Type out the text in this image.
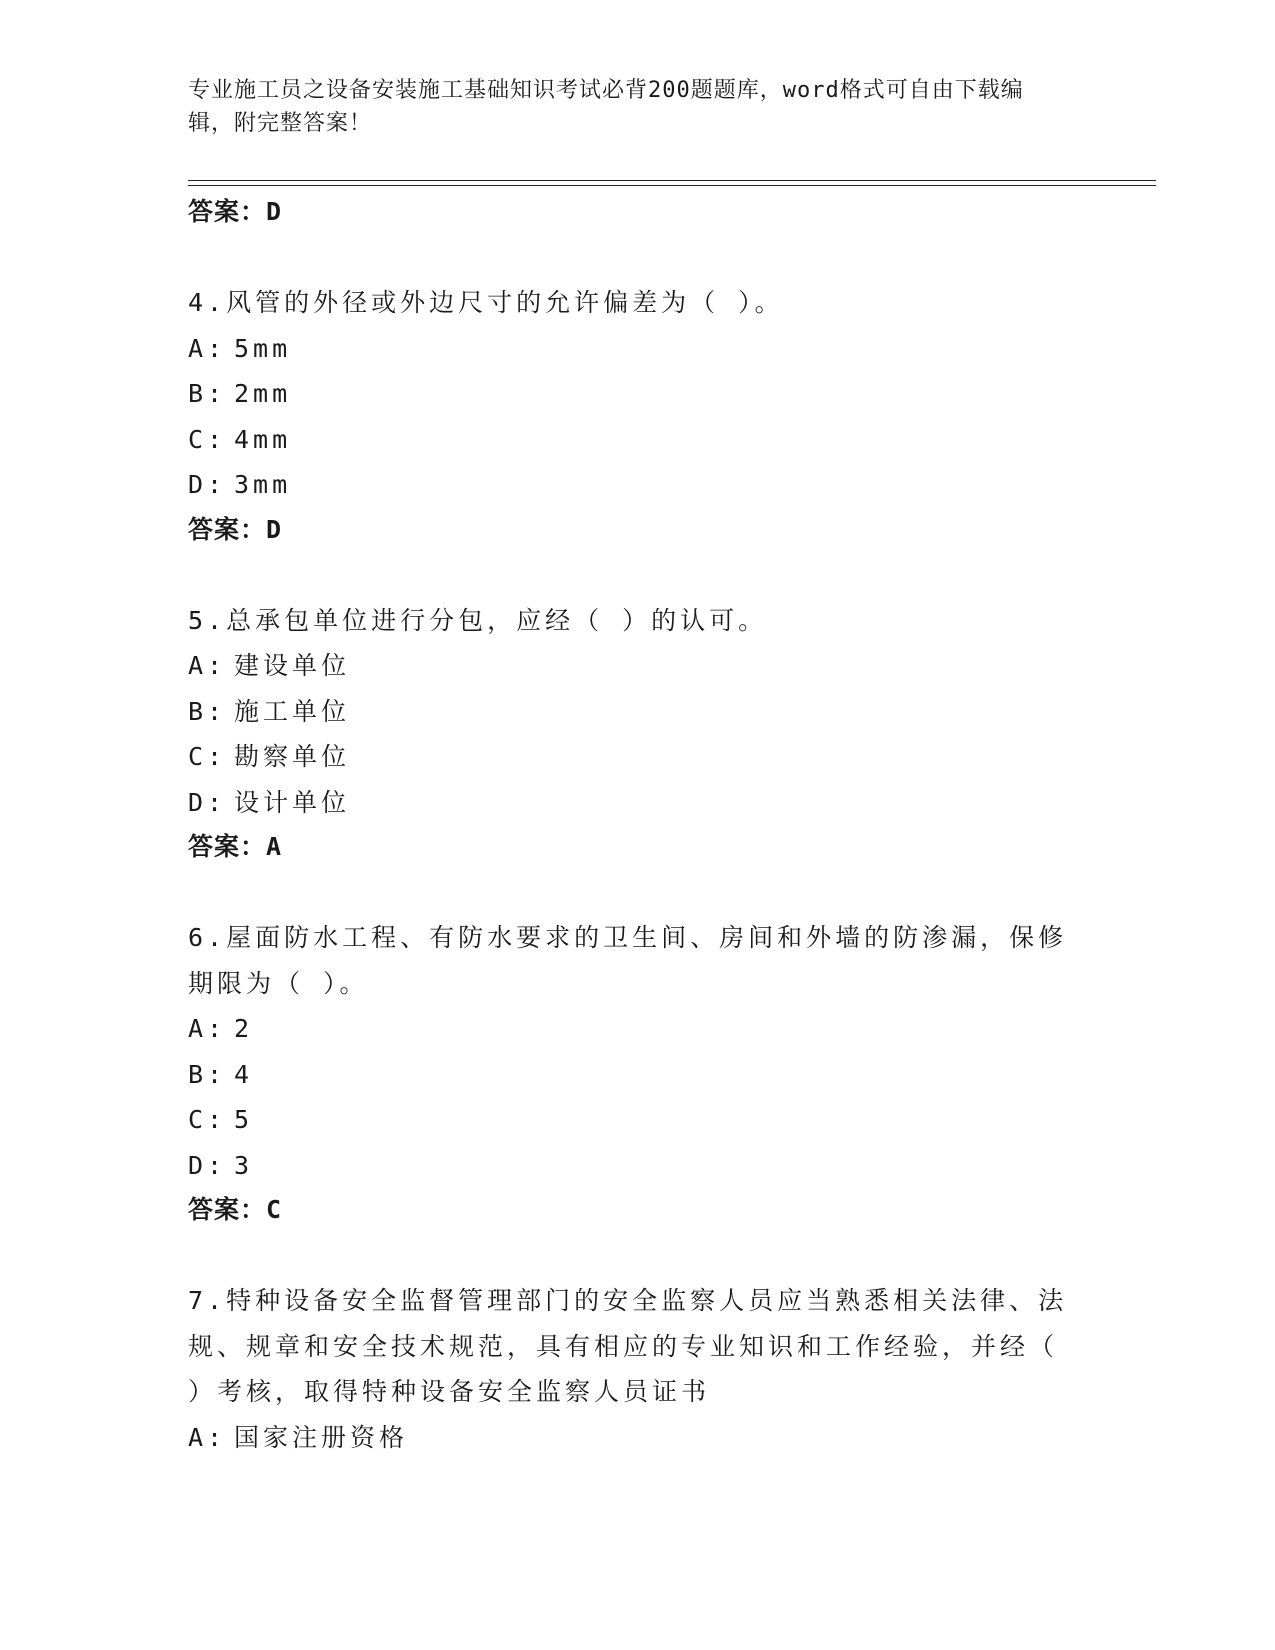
专业施工员之设备安装施工基础知识考试必背200题题库，word格式可自由下载编辑，附完整答案！
答案：D
4.风管的外径或外边尺寸的允许偏差为（ ）。
A: 5mm
B: 2mm
C: 4mm
D: 3mm
答案：D
5.总承包单位进行分包，应经（ ）的认可。
A: 建设单位
B: 施工单位
C: 勘察单位
D: 设计单位
答案：A
6.屋面防水工程、有防水要求的卫生间、房间和外墙的防渗漏，保修期限为（ ）。
A: 2
B: 4
C: 5
D: 3
答案：C
7.特种设备安全监督管理部门的安全监察人员应当熟悉相关法律、法规、规章和安全技术规范，具有相应的专业知识和工作经验，并经（ ）考核，取得特种设备安全监察人员证书
A: 国家注册资格
